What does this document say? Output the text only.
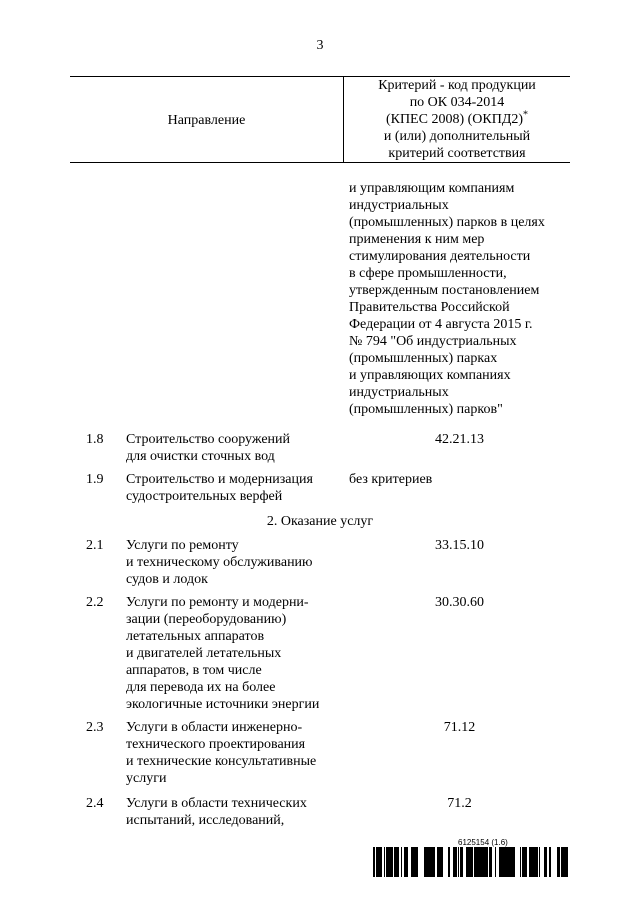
3
Направление
Критерий - код продукции
по ОК 034-2014
(КПЕС 2008) (ОКПД2)*
и (или) дополнительный
критерий соответствия
и управляющим компаниям
индустриальных
(промышленных) парков в целях
применения к ним мер
стимулирования деятельности
в сфере промышленности,
утвержденным постановлением
Правительства Российской
Федерации от 4 августа 2015 г.
№ 794 "Об индустриальных
(промышленных) парках
и управляющих компаниях
индустриальных
(промышленных) парков"
1.8 Строительство сооружений
для очистки сточных вод
42.21.13
1.9 Строительство и модернизация
судостроительных верфей
без критериев
2. Оказание услуг
2.1 Услуги по ремонту
и техническому обслуживанию
судов и лодок
33.15.10
2.2 Услуги по ремонту и модерни-
зации (переоборудованию)
летательных аппаратов
и двигателей летательных
аппаратов, в том числе
для перевода их на более
экологичные источники энергии
30.30.60
2.3 Услуги в области инженерно-
технического проектирования
и технические консультативные
услуги
71.12
2.4 Услуги в области технических
испытаний, исследований,
71.2
6125154 (1.6)
